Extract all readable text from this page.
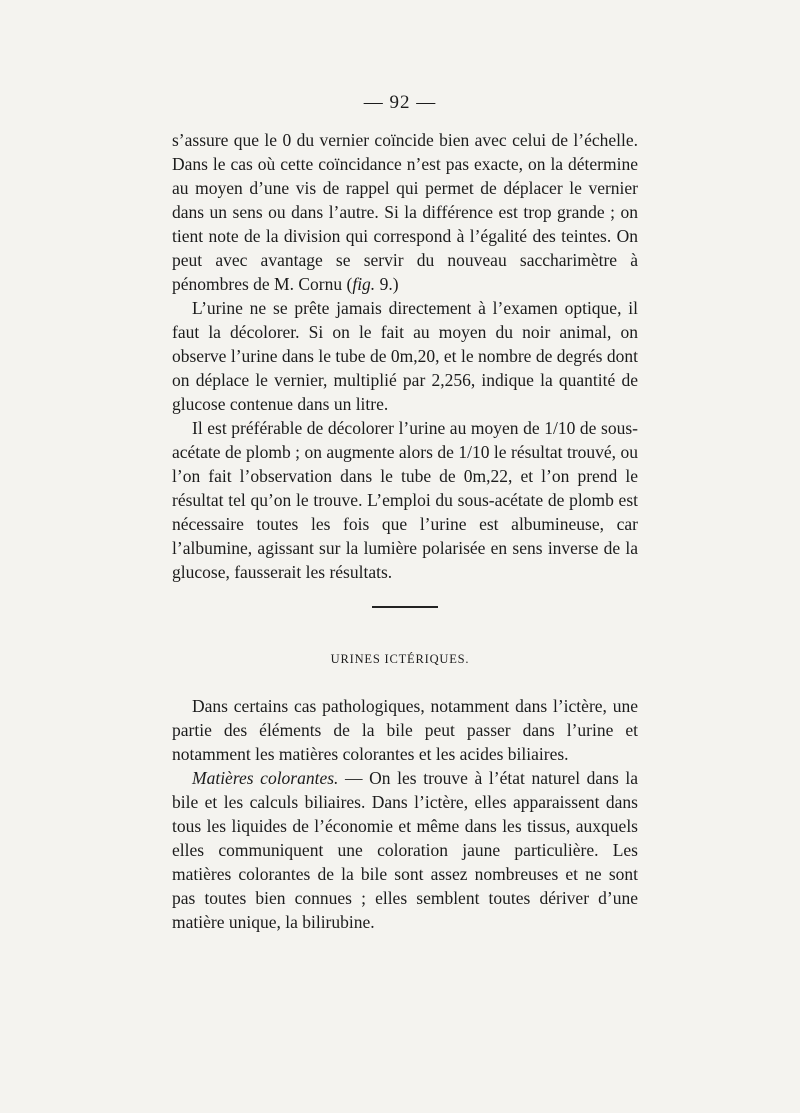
— 92 —

s’assure que le 0 du vernier coïncide bien avec celui de l’échelle. Dans le cas où cette coïncidance n’est pas exacte, on la détermine au moyen d’une vis de rappel qui permet de déplacer le vernier dans un sens ou dans l’autre. Si la différence est trop grande ; on tient note de la division qui correspond à l’égalité des teintes. On peut avec avantage se servir du nouveau saccharimètre à pénombres de M. Cornu (fig. 9.)

L’urine ne se prête jamais directement à l’examen optique, il faut la décolorer. Si on le fait au moyen du noir animal, on observe l’urine dans le tube de 0m,20, et le nombre de degrés dont on déplace le vernier, multiplié par 2,256, indique la quantité de glucose contenue dans un litre.

Il est préférable de décolorer l’urine au moyen de 1/10 de sous-acétate de plomb ; on augmente alors de 1/10 le résultat trouvé, ou l’on fait l’observation dans le tube de 0m,22, et l’on prend le résultat tel qu’on le trouve. L’emploi du sous-acétate de plomb est nécessaire toutes les fois que l’urine est albumineuse, car l’albumine, agissant sur la lumière polarisée en sens inverse de la glucose, fausserait les résultats.

URINES ICTÉRIQUES.

Dans certains cas pathologiques, notamment dans l’ictère, une partie des éléments de la bile peut passer dans l’urine et notamment les matières colorantes et les acides biliaires.

Matières colorantes. — On les trouve à l’état naturel dans la bile et les calculs biliaires. Dans l’ictère, elles apparaissent dans tous les liquides de l’économie et même dans les tissus, auxquels elles communiquent une coloration jaune particulière. Les matières colorantes de la bile sont assez nombreuses et ne sont pas toutes bien connues ; elles semblent toutes dériver d’une matière unique, la bilirubine.
